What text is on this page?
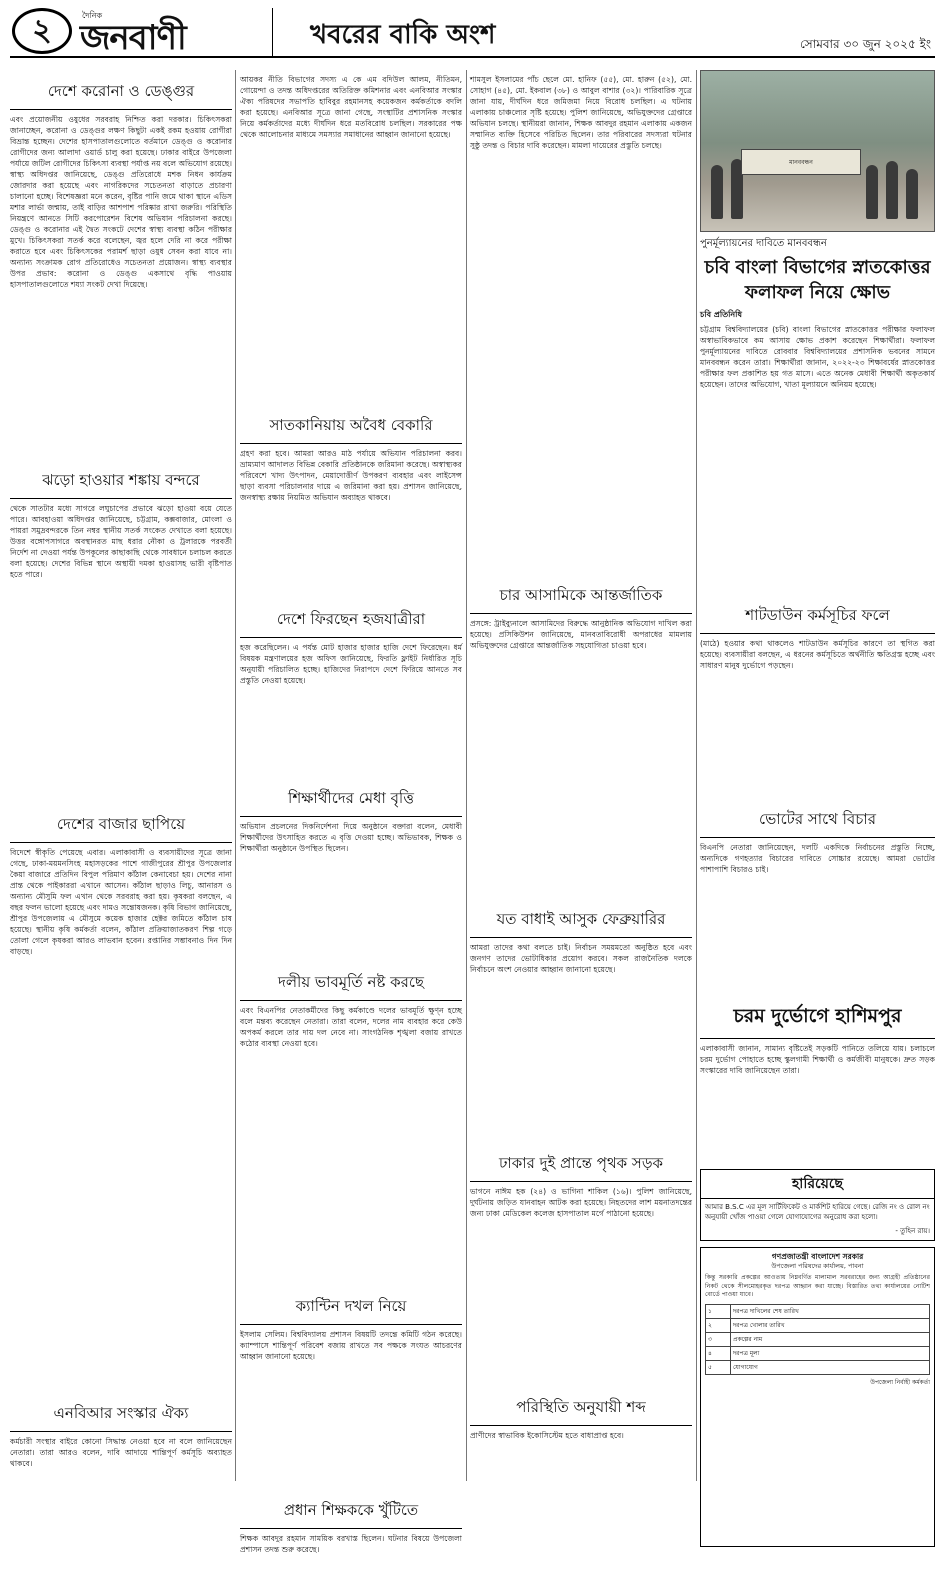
২	দৈনিক
জনবাণী	খবরের বাকি অংশ	সোমবার ৩০ জুন ২০২৫ ইং
দেশে করোনা ও ডেঙ্গুর
এবং প্রয়োজনীয় ওষুধের সরবরাহ নিশ্চিত করা দরকার। চিকিৎসকরা জানাচ্ছেন, করোনা ও ডেঙ্গুর লক্ষণ কিছুটা একই রকম হওয়ায় রোগীরা বিভ্রান্ত হচ্ছেন। দেশের হাসপাতালগুলোতে বর্তমানে ডেঙ্গু ও করোনার রোগীদের জন্য আলাদা ওয়ার্ড চালু করা হয়েছে। ঢাকার বাইরে উপজেলা পর্যায়ে জটিল রোগীদের চিকিৎসা ব্যবস্থা পর্যাপ্ত নয় বলে অভিযোগ রয়েছে। স্বাস্থ্য অধিদপ্তর জানিয়েছে, ডেঙ্গু প্রতিরোধে মশক নিধন কার্যক্রম জোরদার করা হয়েছে এবং নাগরিকদের সচেতনতা বাড়াতে প্রচারণা চালানো হচ্ছে। বিশেষজ্ঞরা মনে করেন, বৃষ্টির পানি জমে থাকা স্থানে এডিস মশার লার্ভা জন্মায়, তাই বাড়ির আশপাশ পরিষ্কার রাখা জরুরি। পরিস্থিতি নিয়ন্ত্রণে আনতে সিটি করপোরেশন বিশেষ অভিযান পরিচালনা করছে। ডেঙ্গু ও করোনার এই দ্বৈত সংকটে দেশের স্বাস্থ্য ব্যবস্থা কঠিন পরীক্ষার মুখে। চিকিৎসকরা সতর্ক করে বলেছেন, জ্বর হলে দেরি না করে পরীক্ষা করাতে হবে এবং চিকিৎসকের পরামর্শ ছাড়া ওষুধ সেবন করা যাবে না। অন্যান্য সংক্রামক রোগ প্রতিরোধেও সচেতনতা প্রয়োজন। স্বাস্থ্য ব্যবস্থার উপর প্রভাব: করোনা ও ডেঙ্গু একসাথে বৃদ্ধি পাওয়ায় হাসপাতালগুলোতে শয্যা সংকট দেখা দিয়েছে।
ঝড়ো হাওয়ার শঙ্কায় বন্দরে
থেকে সাতটার মধ্যে সাগরে লঘুচাপের প্রভাবে ঝড়ো হাওয়া বয়ে যেতে পারে। আবহাওয়া অধিদপ্তর জানিয়েছে, চট্টগ্রাম, কক্সবাজার, মোংলা ও পায়রা সমুদ্রবন্দরকে তিন নম্বর স্থানীয় সতর্ক সংকেত দেখাতে বলা হয়েছে। উত্তর বঙ্গোপসাগরে অবস্থানরত মাছ ধরার নৌকা ও ট্রলারকে পরবর্তী নির্দেশ না দেওয়া পর্যন্ত উপকূলের কাছাকাছি থেকে সাবধানে চলাচল করতে বলা হয়েছে। দেশের বিভিন্ন স্থানে অস্থায়ী দমকা হাওয়াসহ ভারী বৃষ্টিপাত হতে পারে।
দেশের বাজার ছাপিয়ে
বিদেশে স্বীকৃতি পেয়েছে এবার। এলাকাবাসী ও ব্যবসায়ীদের সূত্রে জানা গেছে, ঢাকা-ময়মনসিংহ মহাসড়কের পাশে গাজীপুরের শ্রীপুর উপজেলার কৈয়া বাজারে প্রতিদিন বিপুল পরিমাণ কাঁঠাল কেনাবেচা হয়। দেশের নানা প্রান্ত থেকে পাইকাররা এখানে আসেন। কাঁঠাল ছাড়াও লিচু, আনারস ও অন্যান্য মৌসুমি ফল এখান থেকে সরবরাহ করা হয়। কৃষকরা বলছেন, এ বছর ফলন ভালো হয়েছে এবং দামও সন্তোষজনক। কৃষি বিভাগ জানিয়েছে, শ্রীপুর উপজেলায় এ মৌসুমে কয়েক হাজার হেক্টর জমিতে কাঁঠাল চাষ হয়েছে। স্থানীয় কৃষি কর্মকর্তা বলেন, কাঁঠাল প্রক্রিয়াজাতকরণ শিল্প গড়ে তোলা গেলে কৃষকরা আরও লাভবান হবেন। রপ্তানির সম্ভাবনাও দিন দিন বাড়ছে।
এনবিআর সংস্কার ঐক্য
কর্মচারী সংস্থার বাইরে কোনো সিদ্ধান্ত নেওয়া হবে না বলে জানিয়েছেন নেতারা। তারা আরও বলেন, দাবি আদায়ে শান্তিপূর্ণ কর্মসূচি অব্যাহত থাকবে।
আয়কর নীতি বিভাগের সদস্য এ কে এম বদিউল আলম, নীতিমন, গোয়েন্দা ও তদন্ত অধিদপ্তরের অতিরিক্ত কমিশনার এবং এনবিআর সংস্কার ঐক্য পরিষদের সভাপতি হাবিবুর রহমানসহ কয়েকজন কর্মকর্তাকে বদলি করা হয়েছে। এনবিআর সূত্রে জানা গেছে, সংস্থাটির প্রশাসনিক সংস্কার নিয়ে কর্মকর্তাদের মধ্যে দীর্ঘদিন ধরে মতবিরোধ চলছিল। সরকারের পক্ষ থেকে আলোচনার মাধ্যমে সমস্যার সমাধানের আহ্বান জানানো হয়েছে।
সাতকানিয়ায় অবৈধ বেকারি
গ্রহণ করা হবে। আমরা আরও মাঠ পর্যায়ে অভিযান পরিচালনা করব। ভ্রাম্যমাণ আদালত বিভিন্ন বেকারি প্রতিষ্ঠানকে জরিমানা করেছে। অস্বাস্থ্যকর পরিবেশে খাদ্য উৎপাদন, মেয়াদোত্তীর্ণ উপকরণ ব্যবহার এবং লাইসেন্স ছাড়া ব্যবসা পরিচালনার দায়ে এ জরিমানা করা হয়। প্রশাসন জানিয়েছে, জনস্বাস্থ্য রক্ষায় নিয়মিত অভিযান অব্যাহত থাকবে।
দেশে ফিরছেন হজযাত্রীরা
হজ করেছিলেন। এ পর্যন্ত মোট হাজার হাজার হাজি দেশে ফিরেছেন। ধর্ম বিষয়ক মন্ত্রণালয়ের হজ অফিস জানিয়েছে, ফিরতি ফ্লাইট নির্ধারিত সূচি অনুযায়ী পরিচালিত হচ্ছে। হাজিদের নিরাপদে দেশে ফিরিয়ে আনতে সব প্রস্তুতি নেওয়া হয়েছে।
শিক্ষার্থীদের মেধা বৃত্তি
অভিযান প্রচলনের দিকনির্দেশনা দিয়ে অনুষ্ঠানে বক্তারা বলেন, মেধাবী শিক্ষার্থীদের উৎসাহিত করতে এ বৃত্তি দেওয়া হচ্ছে। অভিভাবক, শিক্ষক ও শিক্ষার্থীরা অনুষ্ঠানে উপস্থিত ছিলেন।
দলীয় ভাবমূর্তি নষ্ট করছে
এবং বিএনপির নেতাকর্মীদের কিছু কর্মকাণ্ডে দলের ভাবমূর্তি ক্ষুণ্ন হচ্ছে বলে মন্তব্য করেছেন নেতারা। তারা বলেন, দলের নাম ব্যবহার করে কেউ অপকর্ম করলে তার দায় দল নেবে না। সাংগঠনিক শৃঙ্খলা বজায় রাখতে কঠোর ব্যবস্থা নেওয়া হবে।
ক্যান্টিন দখল নিয়ে
ইসলাম সেলিম। বিশ্ববিদ্যালয় প্রশাসন বিষয়টি তদন্তে কমিটি গঠন করেছে। ক্যাম্পাসে শান্তিপূর্ণ পরিবেশ বজায় রাখতে সব পক্ষকে সংযত আচরণের আহ্বান জানানো হয়েছে।
প্রধান শিক্ষককে খুঁটিতে
শিক্ষক আবদুর রহমান সাময়িক বরখাস্ত ছিলেন। ঘটনার বিষয়ে উপজেলা প্রশাসন তদন্ত শুরু করেছে।
শামসুল ইসলামের পাঁচ ছেলে মো. হানিফ (৫৫), মো. হারুন (৫২), মো. সোহাগ (৪৫), মো. ইকবাল (৩৮) ও আবুল বাশার (৩২)। পারিবারিক সূত্রে জানা যায়, দীর্ঘদিন ধরে জমিজমা নিয়ে বিরোধ চলছিল। এ ঘটনায় এলাকায় চাঞ্চল্যের সৃষ্টি হয়েছে। পুলিশ জানিয়েছে, অভিযুক্তদের গ্রেপ্তারে অভিযান চলছে। স্থানীয়রা জানান, শিক্ষক আবদুর রহমান এলাকায় একজন সম্মানিত ব্যক্তি হিসেবে পরিচিত ছিলেন। তার পরিবারের সদস্যরা ঘটনার সুষ্ঠু তদন্ত ও বিচার দাবি করেছেন। মামলা দায়েরের প্রস্তুতি চলছে।
চার আসামিকে আন্তর্জাতিক
প্রসঙ্গে: ট্রাইব্যুনালে আসামিদের বিরুদ্ধে আনুষ্ঠানিক অভিযোগ দাখিল করা হয়েছে। প্রসিকিউশন জানিয়েছে, মানবতাবিরোধী অপরাধের মামলায় অভিযুক্তদের গ্রেপ্তারে আন্তর্জাতিক সহযোগিতা চাওয়া হবে।
যত বাধাই আসুক ফেব্রুয়ারির
আমরা তাদের কথা বলতে চাই। নির্বাচন সময়মতো অনুষ্ঠিত হবে এবং জনগণ তাদের ভোটাধিকার প্রয়োগ করবে। সকল রাজনৈতিক দলকে নির্বাচনে অংশ নেওয়ার আহ্বান জানানো হয়েছে।
ঢাকার দুই প্রান্তে পৃথক সড়ক
ভাগনে নাঈম হক (২৪) ও ভাগিনা শাকিল (১৬)। পুলিশ জানিয়েছে, দুর্ঘটনায় জড়িত যানবাহন আটক করা হয়েছে। নিহতদের লাশ ময়নাতদন্তের জন্য ঢাকা মেডিকেল কলেজ হাসপাতাল মর্গে পাঠানো হয়েছে।
পরিস্থিতি অনুযায়ী শব্দ
প্রাণীদের স্বাভাবিক ইকোসিস্টেম হতে বাধাপ্রাপ্ত হবে।
মানববন্ধন
পুনর্মূল্যায়নের দাবিতে মানববন্ধন
চবি বাংলা বিভাগের স্নাতকোত্তর ফলাফল নিয়ে ক্ষোভ
চবি প্রতিনিধি
চট্টগ্রাম বিশ্ববিদ্যালয়ের (চবি) বাংলা বিভাগের স্নাতকোত্তর পরীক্ষার ফলাফল অস্বাভাবিকভাবে কম আসায় ক্ষোভ প্রকাশ করেছেন শিক্ষার্থীরা। ফলাফল পুনর্মূল্যায়নের দাবিতে রোববার বিশ্ববিদ্যালয়ের প্রশাসনিক ভবনের সামনে মানববন্ধন করেন তারা। শিক্ষার্থীরা জানান, ২০২২-২৩ শিক্ষাবর্ষের স্নাতকোত্তর পরীক্ষার ফল প্রকাশিত হয় গত মাসে। এতে অনেক মেধাবী শিক্ষার্থী অকৃতকার্য হয়েছেন। তাদের অভিযোগ, খাতা মূল্যায়নে অনিয়ম হয়েছে।
শাটডাউন কর্মসূচির ফলে
(মাঠে) হওয়ার কথা থাকলেও শাটডাউন কর্মসূচির কারণে তা স্থগিত করা হয়েছে। ব্যবসায়ীরা বলছেন, এ ধরনের কর্মসূচিতে অর্থনীতি ক্ষতিগ্রস্ত হচ্ছে এবং সাধারণ মানুষ দুর্ভোগে পড়ছেন।
ভোটের সাথে বিচার
বিএনপি নেতারা জানিয়েছেন, দলটি একদিকে নির্বাচনের প্রস্তুতি নিচ্ছে, অন্যদিকে গণহত্যার বিচারের দাবিতে সোচ্চার রয়েছে। আমরা ভোটের পাশাপাশি বিচারও চাই।
চরম দুর্ভোগে হাশিমপুর
এলাকাবাসী জানান, সামান্য বৃষ্টিতেই সড়কটি পানিতে তলিয়ে যায়। চলাচলে চরম দুর্ভোগ পোহাতে হচ্ছে স্কুলগামী শিক্ষার্থী ও কর্মজীবী মানুষকে। দ্রুত সড়ক সংস্কারের দাবি জানিয়েছেন তারা।
হারিয়েছে
আমার B.S.C এর মূল সার্টিফিকেট ও মার্কশিট হারিয়ে গেছে। রেজি নং ও রোল নং অনুযায়ী খোঁজ পাওয়া গেলে যোগাযোগের অনুরোধ করা হলো।
- তুহিন রায়।
গণপ্রজাতন্ত্রী বাংলাদেশ সরকার
উপজেলা পরিষদের কার্যালয়, পাবনা
কিন্তু সরকারি প্রকল্পের আওতায় নিম্নবর্ণিত মালামাল সরবরাহের জন্য আগ্রহী প্রতিষ্ঠানের নিকট থেকে সীলমোহরকৃত দরপত্র আহ্বান করা যাচ্ছে। বিস্তারিত তথ্য কার্যালয়ের নোটিশ বোর্ডে পাওয়া যাবে।
১	দরপত্র দাখিলের শেষ তারিখ
২	দরপত্র খোলার তারিখ
৩	প্রকল্পের নাম
৪	দরপত্র মূল্য
৫	যোগাযোগ
উপজেলা নির্বাহী কর্মকর্তা
